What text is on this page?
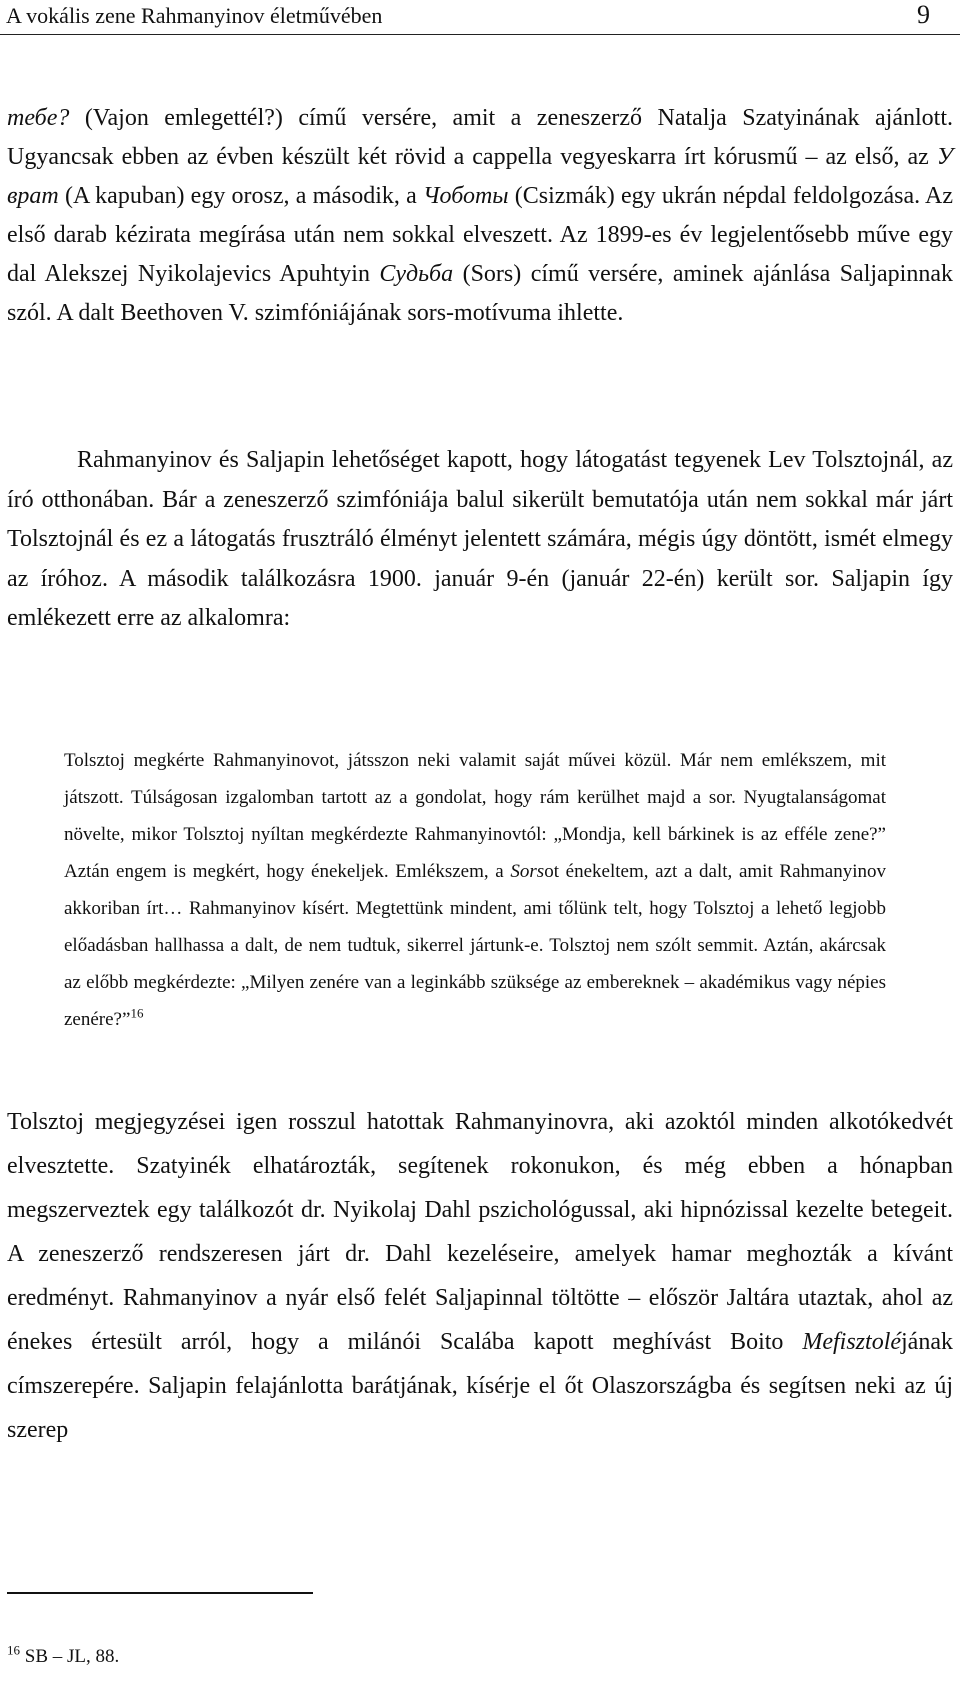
A vokális zene Rahmanyinov életművében	9

тебе? (Vajon emlegettél?) című versére, amit a zeneszerző Natalja Szatyinának ajánlott. Ugyancsak ebben az évben készült két rövid a cappella vegyeskarra írt kórusmű – az első, az У врат (A kapuban) egy orosz, a második, a Чоботы (Csizmák) egy ukrán népdal feldolgozása. Az első darab kézirata megírása után nem sokkal elveszett. Az 1899-es év legjelentősebb műve egy dal Alekszej Nyikolajevics Apuhtyin Судьба (Sors) című versére, aminek ajánlása Saljapinnak szól. A dalt Beethoven V. szimfóniájának sors-motívuma ihlette.

Rahmanyinov és Saljapin lehetőséget kapott, hogy látogatást tegyenek Lev Tolsztojnál, az író otthonában. Bár a zeneszerző szimfóniája balul sikerült bemutatója után nem sokkal már járt Tolsztojnál és ez a látogatás frusztráló élményt jelentett számára, mégis úgy döntött, ismét elmegy az íróhoz. A második találkozásra 1900. január 9-én (január 22-én) került sor. Saljapin így emlékezett erre az alkalomra:

Tolsztoj megkérte Rahmanyinovot, játsszon neki valamit saját művei közül. Már nem emlékszem, mit játszott. Túlságosan izgalomban tartott az a gondolat, hogy rám kerülhet majd a sor. Nyugtalanságomat növelte, mikor Tolsztoj nyíltan megkérdezte Rahmanyinovtól: „Mondja, kell bárkinek is az efféle zene?” Aztán engem is megkért, hogy énekeljek. Emlékszem, a Sorsot énekeltem, azt a dalt, amit Rahmanyinov akkoriban írt… Rahmanyinov kísért. Megtettünk mindent, ami tőlünk telt, hogy Tolsztoj a lehető legjobb előadásban hallhassa a dalt, de nem tudtuk, sikerrel jártunk-e. Tolsztoj nem szólt semmit. Aztán, akárcsak az előbb megkérdezte: „Milyen zenére van a leginkább szüksége az embereknek – akadémikus vagy népies zenére?”$^{16}$

Tolsztoj megjegyzései igen rosszul hatottak Rahmanyinovra, aki azoktól minden alkotókedvét elvesztette. Szatyinék elhatározták, segítenek rokonukon, és még ebben a hónapban megszerveztek egy találkozót dr. Nyikolaj Dahl pszichológussal, aki hipnózissal kezelte betegeit. A zeneszerző rendszeresen járt dr. Dahl kezeléseire, amelyek hamar meghozták a kívánt eredményt. Rahmanyinov a nyár első felét Saljapinnal töltötte – először Jaltára utaztak, ahol az énekes értesült arról, hogy a milánói Scalába kapott meghívást Boito Mefisztoléjának címszerepére. Saljapin felajánlotta barátjának, kísérje el őt Olaszországba és segítsen neki az új szerep

$^{16}$ SB – JL, 88.
